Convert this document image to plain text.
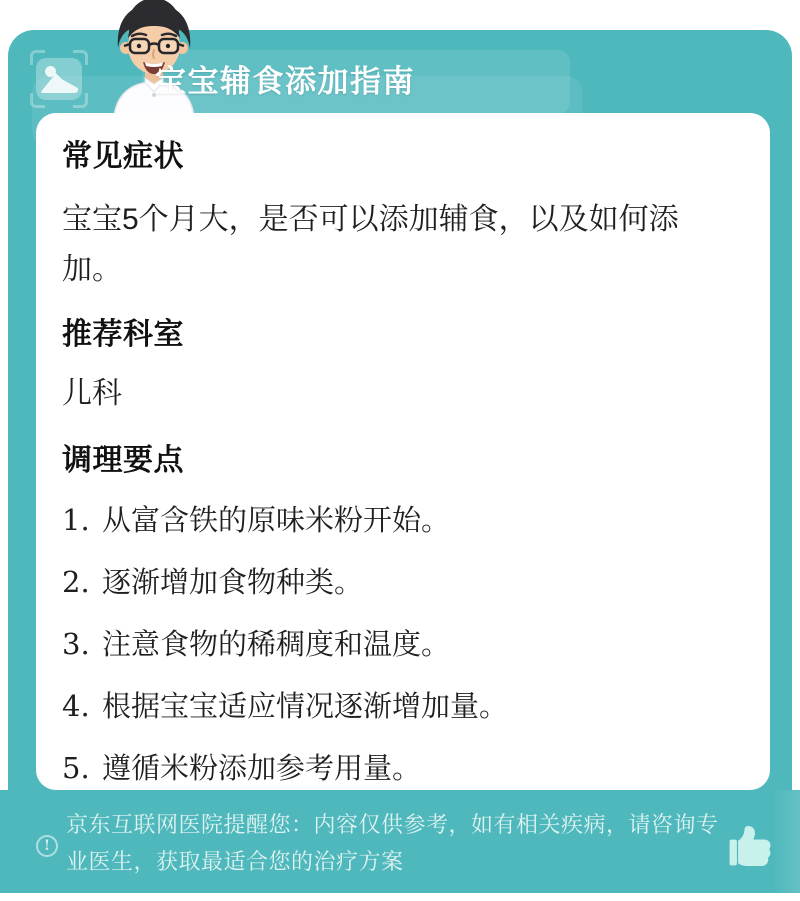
宝宝辅食添加指南
常见症状

宝宝5个月大，是否可以添加辅食，以及如何添加。

推荐科室

儿科

调理要点
1. 从富含铁的原味米粉开始。
2. 逐渐增加食物种类。
3. 注意食物的稀稠度和温度。
4. 根据宝宝适应情况逐渐增加量。
5. 遵循米粉添加参考用量。
!

京东互联网医院提醒您：内容仅供参考，如有相关疾病，请咨询专业医生，获取最适合您的治疗方案
